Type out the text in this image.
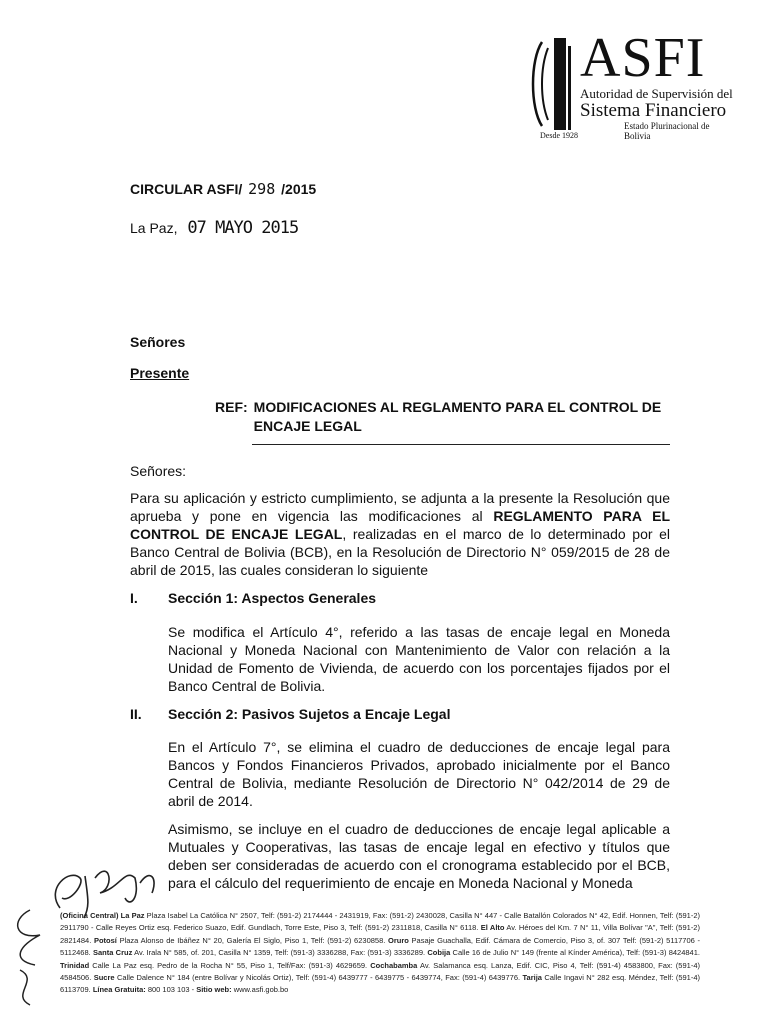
ASFI
Autoridad de Supervisión del
Sistema Financiero
Estado Plurinacional de Bolivia
Desde 1928
CIRCULAR ASFI/ 298 /2015
La Paz, 07 MAYO 2015
Señores
Presente
REF:	MODIFICACIONES AL REGLAMENTO PARA EL CONTROL DE ENCAJE LEGAL
Señores:

Para su aplicación y estricto cumplimiento, se adjunta a la presente la Resolución que aprueba y pone en vigencia las modificaciones al REGLAMENTO PARA EL CONTROL DE ENCAJE LEGAL, realizadas en el marco de lo determinado por el Banco Central de Bolivia (BCB), en la Resolución de Directorio N° 059/2015 de 28 de abril de 2015, las cuales consideran lo siguiente

I. Sección 1: Aspectos Generales

Se modifica el Artículo 4°, referido a las tasas de encaje legal en Moneda Nacional y Moneda Nacional con Mantenimiento de Valor con relación a la Unidad de Fomento de Vivienda, de acuerdo con los porcentajes fijados por el Banco Central de Bolivia.

II. Sección 2: Pasivos Sujetos a Encaje Legal

En el Artículo 7°, se elimina el cuadro de deducciones de encaje legal para Bancos y Fondos Financieros Privados, aprobado inicialmente por el Banco Central de Bolivia, mediante Resolución de Directorio N° 042/2014 de 29 de abril de 2014.

Asimismo, se incluye en el cuadro de deducciones de encaje legal aplicable a Mutuales y Cooperativas, las tasas de encaje legal en efectivo y títulos que deben ser consideradas de acuerdo con el cronograma establecido por el BCB, para el cálculo del requerimiento de encaje en Moneda Nacional y Moneda

(Oficina Central) La Paz Plaza Isabel La Católica N° 2507, Telf: (591-2) 2174444 - 2431919, Fax: (591-2) 2430028, Casilla N° 447 - Calle Batallón Colorados N° 42, Edif. Honnen, Telf: (591-2) 2911790 - Calle Reyes Ortiz esq. Federico Suazo, Edif. Gundlach, Torre Este, Piso 3, Telf: (591-2) 2311818, Casilla N° 6118. El Alto Av. Héroes del Km. 7 N° 11, Villa Bolívar "A", Telf: (591-2) 2821484. Potosí Plaza Alonso de Ibáñez N° 20, Galería El Siglo, Piso 1, Telf: (591-2) 6230858. Oruro Pasaje Guachalla, Edif. Cámara de Comercio, Piso 3, of. 307 Telf: (591-2) 5117706 - 5112468. Santa Cruz Av. Irala N° 585, of. 201, Casilla N° 1359, Telf: (591-3) 3336288, Fax: (591-3) 3336289. Cobija Calle 16 de Julio N° 149 (frente al Kínder América), Telf: (591-3) 8424841. Trinidad Calle La Paz esq. Pedro de la Rocha N° 55, Piso 1, Telf/Fax: (591-3) 4629659. Cochabamba Av. Salamanca esq. Lanza, Edif. CIC, Piso 4, Telf: (591-4) 4583800, Fax: (591-4) 4584506. Sucre Calle Dalence N° 184 (entre Bolívar y Nicolás Ortiz), Telf: (591-4) 6439777 - 6439775 - 6439774, Fax: (591-4) 6439776. Tarija Calle Ingavi N° 282 esq. Méndez, Telf: (591-4) 6113709. Línea Gratuita: 800 103 103 - Sitio web: www.asfi.gob.bo
